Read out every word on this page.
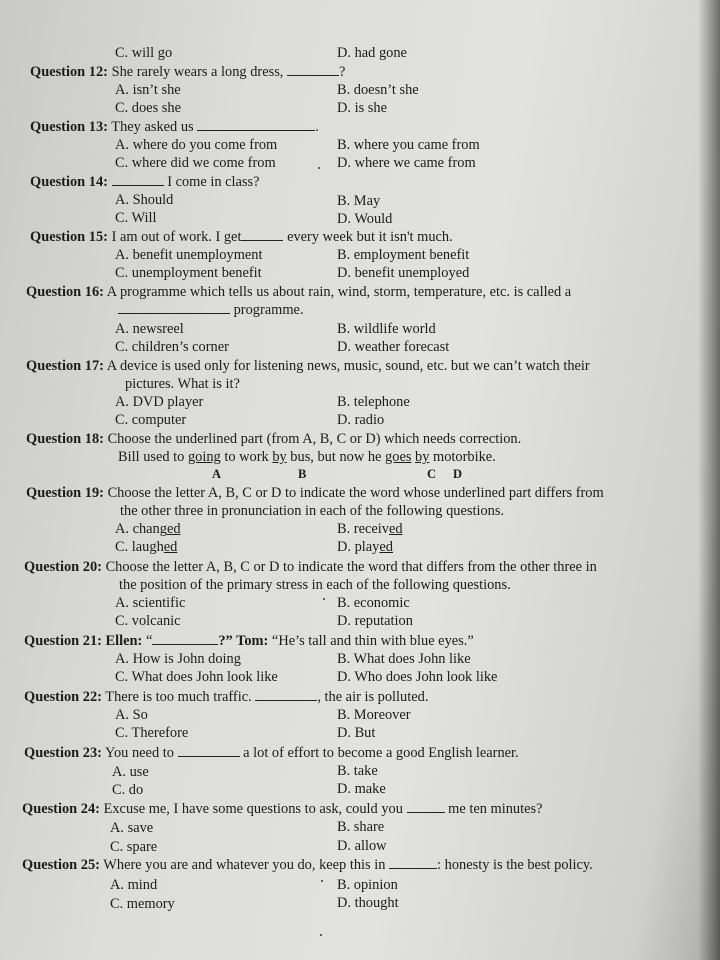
C. will go	D. had gone
Question 12: She rarely wears a long dress,	?
A. isn’t she	B. doesn’t she
C. does she	D. is she
Question 13: They asked us	.
A. where do you come from	B. where you came from
C. where did we come from	D. where we came from
Question 14:	I come in class?
A. Should	B. May
C. Will	D. Would
Question 15: I am out of work. I get	every week but it isn't much.
A. benefit unemployment	B. employment benefit
C. unemployment benefit	D. benefit unemployed
Question 16: A programme which tells us about rain, wind, storm, temperature, etc. is called a
programme.
A. newsreel	B. wildlife world
C. children’s corner	D. weather forecast
Question 17: A device is used only for listening news, music, sound, etc. but we can’t watch their
pictures. What is it?
A. DVD player	B. telephone
C. computer	D. radio
Question 18: Choose the underlined part (from A, B, C or D) which needs correction.
Bill used to going to work by bus, but now he goes by motorbike.
A	B	C D
Question 19: Choose the letter A, B, C or D to indicate the word whose underlined part differs from
the other three in pronunciation in each of the following questions.
A. changed	B. received
C. laughed	D. played
Question 20: Choose the letter A, B, C or D to indicate the word that differs from the other three in
the position of the primary stress in each of the following questions.
A. scientific	B. economic
C. volcanic	D. reputation
Question 21: Ellen: “	?” Tom: “He’s tall and thin with blue eyes.”
A. How is John doing	B. What does John like
C. What does John look like	D. Who does John look like
Question 22: There is too much traffic.	, the air is polluted.
A. So	B. Moreover
C. Therefore	D. But
Question 23: You need to	a lot of effort to become a good English learner.
A. use	B. take
C. do	D. make
Question 24: Excuse me, I have some questions to ask, could you	me ten minutes?
A. save	B. share
C. spare	D. allow
Question 25: Where you are and whatever you do, keep this in	: honesty is the best policy.
A. mind	B. opinion
C. memory	D. thought
